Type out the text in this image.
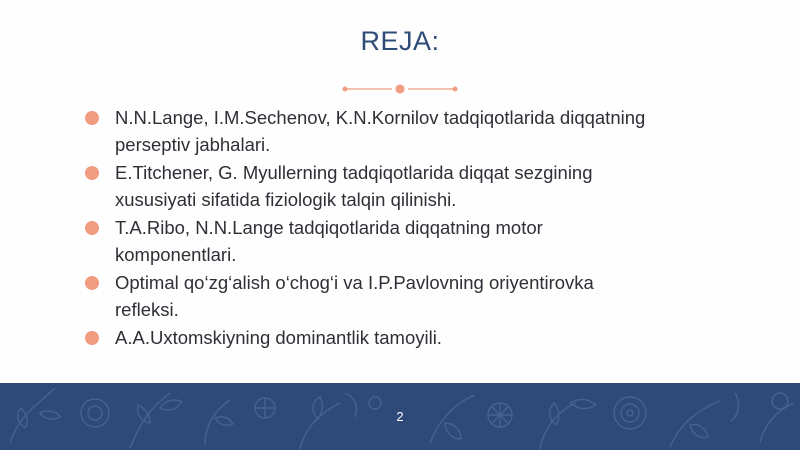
REJA:
N.N.Lange, I.M.Sechenov, K.N.Kornilov tadqiqotlarida diqqatning
perseptiv jabhalari.
E.Titchener, G. Myullerning tadqiqotlarida diqqat sezgining
xususiyati sifatida fiziologik talqin qilinishi.
T.A.Ribo, N.N.Lange tadqiqotlarida diqqatning motor
komponentlari.
Optimal qo‘zg‘alish o‘chog‘i va I.P.Pavlovning oriyentirovka
refleksi.
A.A.Uxtomskiyning dominantlik tamoyili.
2
